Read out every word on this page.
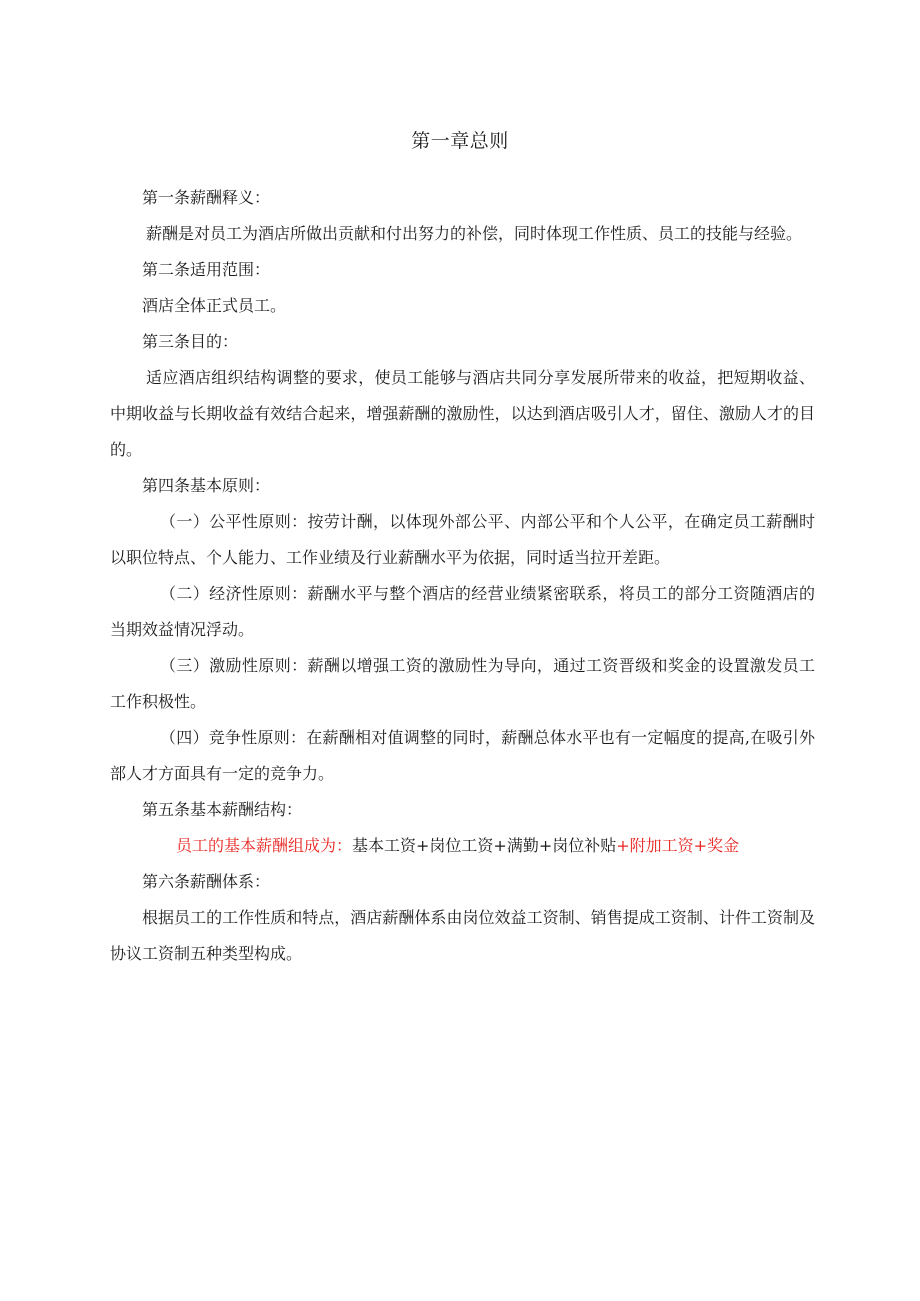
第一章总则

第一条薪酬释义：

薪酬是对员工为酒店所做出贡献和付出努力的补偿，同时体现工作性质、员工的技能与经验。

第二条适用范围：

酒店全体正式员工。

第三条目的：

适应酒店组织结构调整的要求，使员工能够与酒店共同分享发展所带来的收益，把短期收益、中期收益与长期收益有效结合起来，增强薪酬的激励性，以达到酒店吸引人才，留住、激励人才的目的。

第四条基本原则：

（一）公平性原则：按劳计酬，以体现外部公平、内部公平和个人公平，在确定员工薪酬时以职位特点、个人能力、工作业绩及行业薪酬水平为依据，同时适当拉开差距。

（二）经济性原则：薪酬水平与整个酒店的经营业绩紧密联系，将员工的部分工资随酒店的当期效益情况浮动。

（三）激励性原则：薪酬以增强工资的激励性为导向，通过工资晋级和奖金的设置激发员工工作积极性。

（四）竞争性原则：在薪酬相对值调整的同时，薪酬总体水平也有一定幅度的提高,在吸引外部人才方面具有一定的竞争力。

第五条基本薪酬结构：

员工的基本薪酬组成为：基本工资+岗位工资+满勤+岗位补贴+附加工资+奖金

第六条薪酬体系：

根据员工的工作性质和特点，酒店薪酬体系由岗位效益工资制、销售提成工资制、计件工资制及协议工资制五种类型构成。
